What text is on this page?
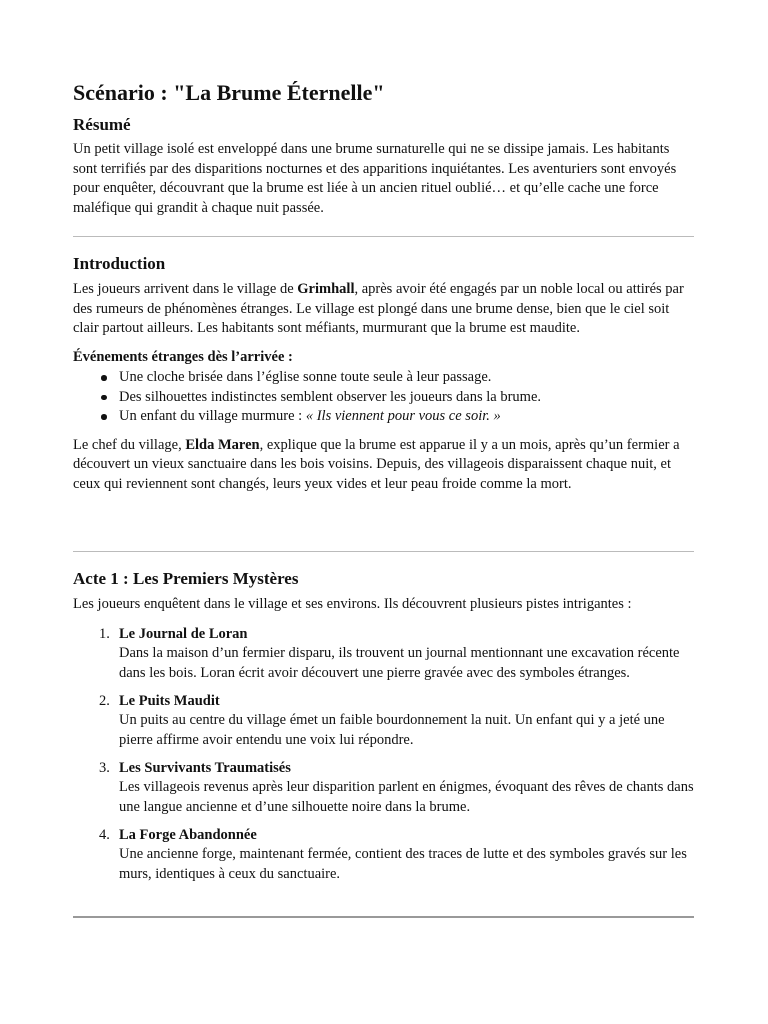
Scénario : "La Brume Éternelle"
Résumé

Un petit village isolé est enveloppé dans une brume surnaturelle qui ne se dissipe jamais. Les habitants sont terrifiés par des disparitions nocturnes et des apparitions inquiétantes. Les aventuriers sont envoyés pour enquêter, découvrant que la brume est liée à un ancien rituel oublié… et qu’elle cache une force maléfique qui grandit à chaque nuit passée.

Introduction

Les joueurs arrivent dans le village de Grimhall, après avoir été engagés par un noble local ou attirés par des rumeurs de phénomènes étranges. Le village est plongé dans une brume dense, bien que le ciel soit clair partout ailleurs. Les habitants sont méfiants, murmurant que la brume est maudite.

Événements étranges dès l’arrivée :

Une cloche brisée dans l’église sonne toute seule à leur passage.
Des silhouettes indistinctes semblent observer les joueurs dans la brume.
Un enfant du village murmure : « Ils viennent pour vous ce soir. »

Le chef du village, Elda Maren, explique que la brume est apparue il y a un mois, après qu’un fermier a découvert un vieux sanctuaire dans les bois voisins. Depuis, des villageois disparaissent chaque nuit, et ceux qui reviennent sont changés, leurs yeux vides et leur peau froide comme la mort.

Acte 1 : Les Premiers Mystères

Les joueurs enquêtent dans le village et ses environs. Ils découvrent plusieurs pistes intrigantes :

1. Le Journal de Loran
Dans la maison d’un fermier disparu, ils trouvent un journal mentionnant une excavation récente dans les bois. Loran écrit avoir découvert une pierre gravée avec des symboles étranges.
2. Le Puits Maudit
Un puits au centre du village émet un faible bourdonnement la nuit. Un enfant qui y a jeté une pierre affirme avoir entendu une voix lui répondre.
3. Les Survivants Traumatisés
Les villageois revenus après leur disparition parlent en énigmes, évoquant des rêves de chants dans une langue ancienne et d’une silhouette noire dans la brume.
4. La Forge Abandonnée
Une ancienne forge, maintenant fermée, contient des traces de lutte et des symboles gravés sur les murs, identiques à ceux du sanctuaire.
